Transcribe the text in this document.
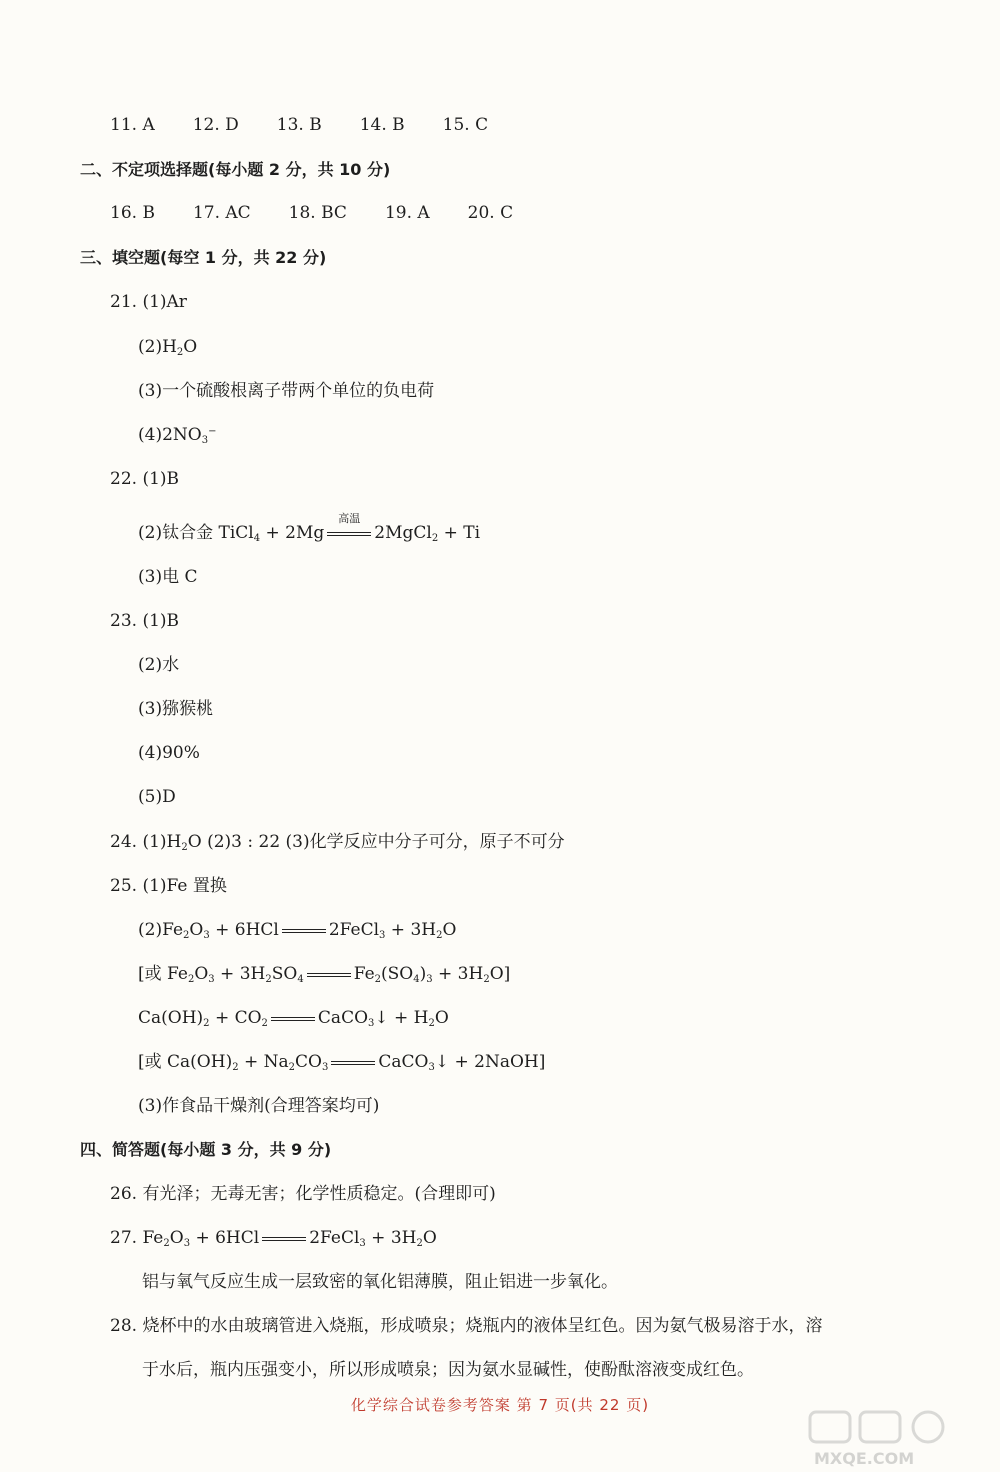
11. A 12. D 13. B 14. B 15. C
二、不定项选择题(每小题 2 分，共 10 分)
16. B 17. AC 18. BC 19. A 20. C
三、填空题(每空 1 分，共 22 分)
21. (1)Ar
$(2)H_2O$
(3)一个硫酸根离子带两个单位的负电荷
$(4)2NO_3^-$
22. (1)B
(2)钛合金 TiCl$_4$ + 2Mg
高温
2MgCl$_2$ + Ti
(3)电 C
23. (1)B
(2)水
(3)猕猴桃
(4)90%
(5)D
24. $(1)H_2O$ (2)3 : 22 (3)化学反应中分子可分，原子不可分
25. (1)Fe 置换
$(2)Fe_2O_3 + 6HCl$	2FeCl$_3$ + $3H_2O$
[或 $Fe_2O_3 + 3H_2SO_4$	$Fe_2(SO_4)_3 + 3H_2O$]
$Ca(OH)_2 + CO_2$	CaCO$_3$↓ + $H_2O$
[或 $Ca(OH)_2 + Na_2CO_3$	CaCO$_3$↓ + 2NaOH]
(3)作食品干燥剂(合理答案均可)
四、简答题(每小题 3 分，共 9 分)
26. 有光泽；无毒无害；化学性质稳定。(合理即可)
27. $Fe_2O_3 + 6HCl$	2FeCl$_3$ + $3H_2O$
铝与氧气反应生成一层致密的氧化铝薄膜，阻止铝进一步氧化。
28. 烧杯中的水由玻璃管进入烧瓶，形成喷泉；烧瓶内的液体呈红色。因为氨气极易溶于水，溶
于水后，瓶内压强变小，所以形成喷泉；因为氨水显碱性，使酚酞溶液变成红色。
化学综合试卷参考答案 第 7 页(共 22 页)
MXQE.COM
